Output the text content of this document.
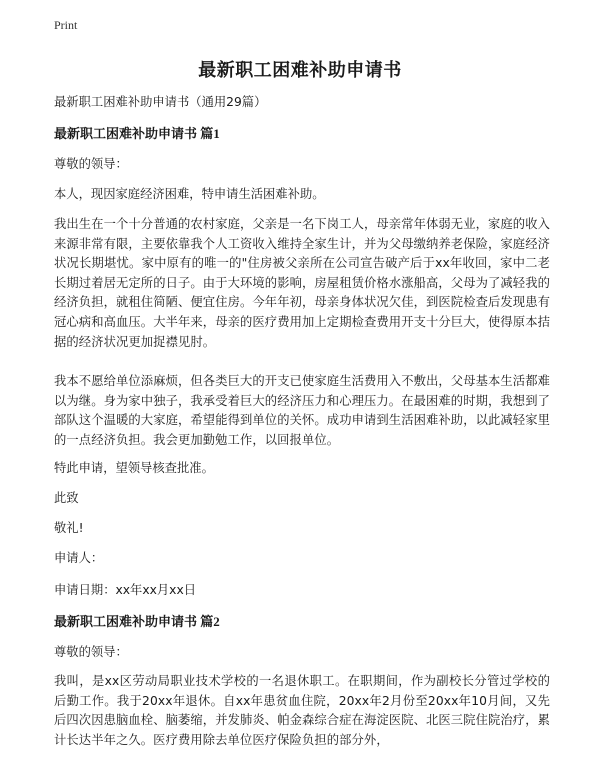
Print
最新职工困难补助申请书
最新职工困难补助申请书（通用29篇）
最新职工困难补助申请书 篇1
尊敬的领导：
本人，现因家庭经济困难，特申请生活困难补助。
我出生在一个十分普通的农村家庭，父亲是一名下岗工人，母亲常年体弱无业，家庭的收入来源非常有限，主要依靠我个人工资收入维持全家生计，并为父母缴纳养老保险，家庭经济状况长期堪忧。家中原有的唯一的"住房被父亲所在公司宣告破产后于xx年收回，家中二老长期过着居无定所的日子。由于大环境的影响，房屋租赁价格水涨船高，父母为了减轻我的经济负担，就租住简陋、便宜住房。今年年初，母亲身体状况欠佳，到医院检查后发现患有冠心病和高血压。大半年来，母亲的医疗费用加上定期检查费用开支十分巨大，使得原本拮据的经济状况更加捉襟见肘。
我本不愿给单位添麻烦，但各类巨大的开支已使家庭生活费用入不敷出，父母基本生活都难以为继。身为家中独子，我承受着巨大的经济压力和心理压力。在最困难的时期，我想到了部队这个温暖的大家庭，希望能得到单位的关怀。成功申请到生活困难补助，以此减轻家里的一点经济负担。我会更加勤勉工作，以回报单位。
特此申请，望领导核查批准。
此致
敬礼!
申请人：
申请日期：xx年xx月xx日
最新职工困难补助申请书 篇2
尊敬的领导：
我叫，是xx区劳动局职业技术学校的一名退休职工。在职期间，作为副校长分管过学校的后勤工作。我于20xx年退休。自xx年患贫血住院，20xx年2月份至20xx年10月间，又先后四次因患脑血栓、脑萎缩，并发肺炎、帕金森综合症在海淀医院、北医三院住院治疗，累计长达半年之久。医疗费用除去单位医疗保险负担的部分外，
